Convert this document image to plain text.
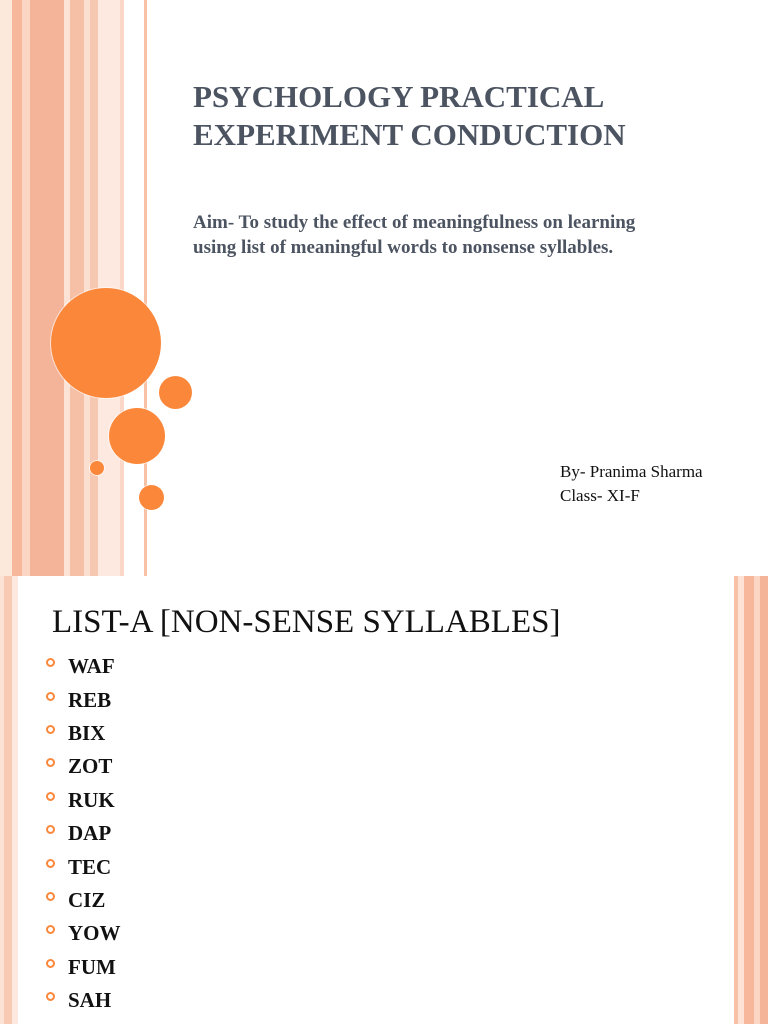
PSYCHOLOGY PRACTICAL
EXPERIMENT CONDUCTION

Aim- To study the effect of meaningfulness on learning
using list of meaningful words to nonsense syllables.

By- Pranima Sharma
Class- XI-F
LIST-A [NON-SENSE SYLLABLES]
WAF
REB
BIX
ZOT
RUK
DAP
TEC
CIZ
YOW
FUM
SAH
